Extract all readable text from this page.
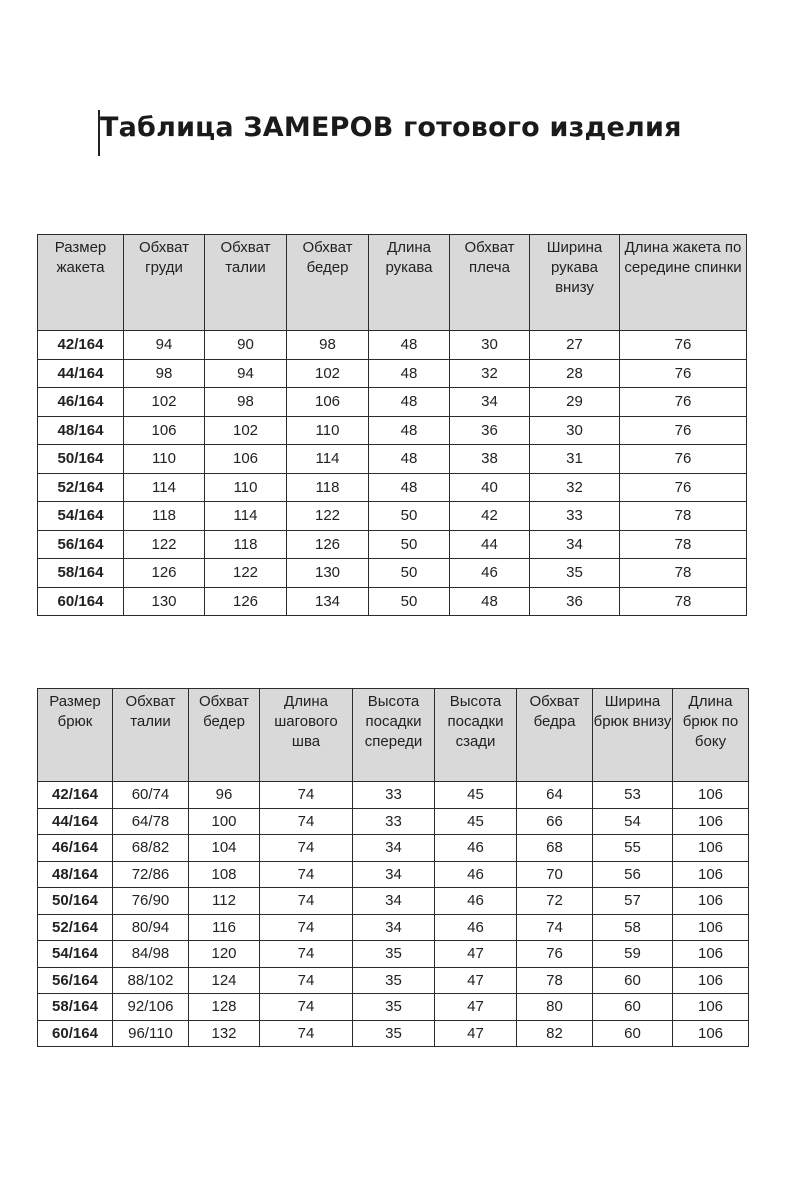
Таблица ЗАМЕРОВ готового изделия
Размер жакета	Обхват груди	Обхват талии	Обхват бедер	Длина рукава	Обхват плеча	Ширина рукава внизу	Длина жакета по середине спинки
42/164	94	90	98	48	30	27	76
44/164	98	94	102	48	32	28	76
46/164	102	98	106	48	34	29	76
48/164	106	102	110	48	36	30	76
50/164	110	106	114	48	38	31	76
52/164	114	110	118	48	40	32	76
54/164	118	114	122	50	42	33	78
56/164	122	118	126	50	44	34	78
58/164	126	122	130	50	46	35	78
60/164	130	126	134	50	48	36	78
Размер брюк	Обхват талии	Обхват бедер	Длина шагового шва	Высота посадки спереди	Высота посадки сзади	Обхват бедра	Ширина брюк внизу	Длина брюк по боку
42/164	60/74	96	74	33	45	64	53	106
44/164	64/78	100	74	33	45	66	54	106
46/164	68/82	104	74	34	46	68	55	106
48/164	72/86	108	74	34	46	70	56	106
50/164	76/90	112	74	34	46	72	57	106
52/164	80/94	116	74	34	46	74	58	106
54/164	84/98	120	74	35	47	76	59	106
56/164	88/102	124	74	35	47	78	60	106
58/164	92/106	128	74	35	47	80	60	106
60/164	96/110	132	74	35	47	82	60	106
